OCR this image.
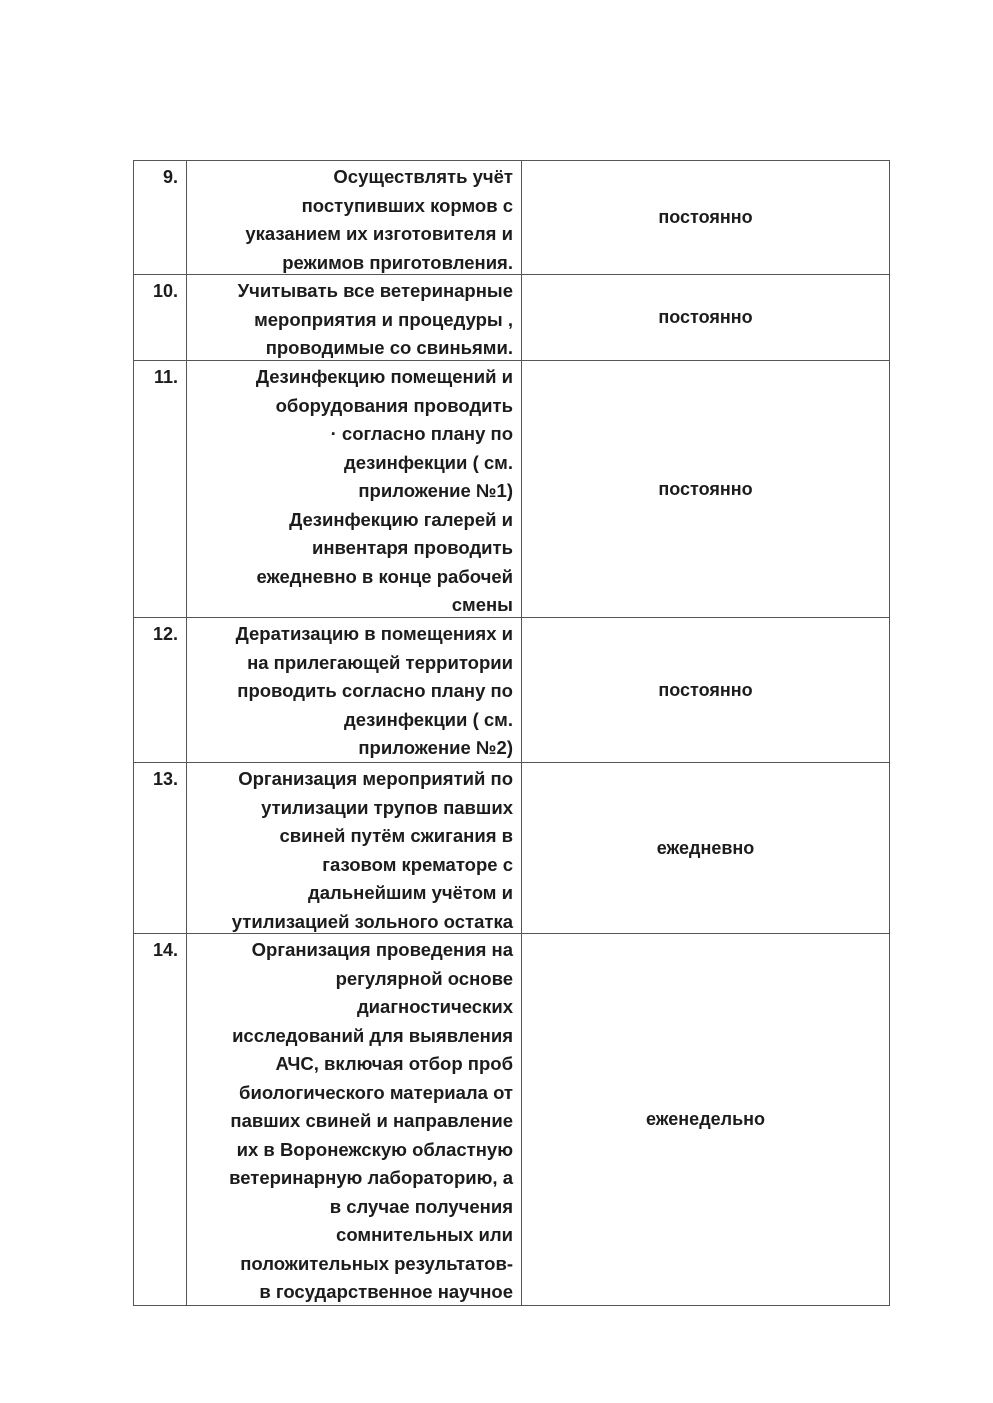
9.	Осуществлять учёт
поступивших кормов с
указанием их изготовителя и
режимов приготовления.
постоянно
10.	Учитывать все ветеринарные
мероприятия и процедуры ,
проводимые со свиньями.
постоянно
11.	Дезинфекцию помещений и
оборудования проводить
· согласно плану по
дезинфекции ( см.
приложение №1)
Дезинфекцию галерей и
инвентаря проводить
ежедневно в конце рабочей
смены
постоянно
12.	Дератизацию в помещениях и
на прилегающей территории
проводить согласно плану по
дезинфекции ( см.
приложение №2)
постоянно
13.	Организация мероприятий по
утилизации трупов павших
свиней путём сжигания в
газовом крематоре с
дальнейшим учётом и
утилизацией зольного остатка
ежедневно
14.	Организация проведения на
регулярной основе
диагностических
исследований для выявления
АЧС, включая отбор проб
биологического материала от
павших свиней и направление
их в Воронежскую областную
ветеринарную лабораторию, а
в случае получения
сомнительных или
положительных результатов-
в государственное научное
еженедельно
